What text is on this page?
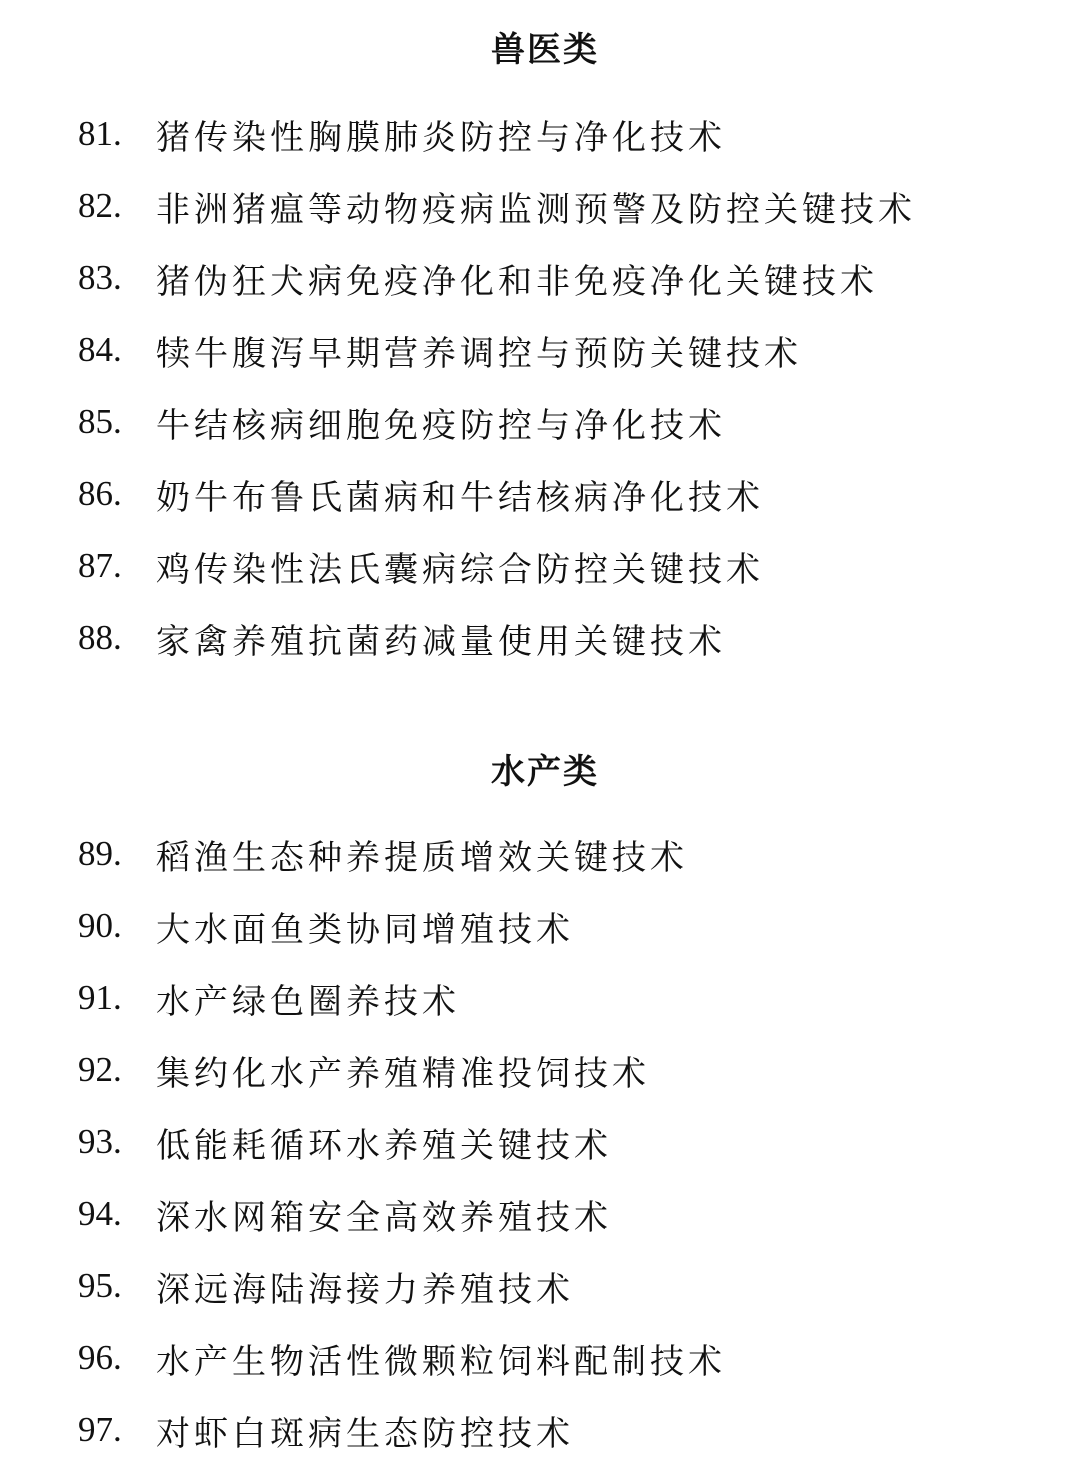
兽医类
81.	猪传染性胸膜肺炎防控与净化技术
82.	非洲猪瘟等动物疫病监测预警及防控关键技术
83.	猪伪狂犬病免疫净化和非免疫净化关键技术
84.	犊牛腹泻早期营养调控与预防关键技术
85.	牛结核病细胞免疫防控与净化技术
86.	奶牛布鲁氏菌病和牛结核病净化技术
87.	鸡传染性法氏囊病综合防控关键技术
88.	家禽养殖抗菌药减量使用关键技术
水产类
89.	稻渔生态种养提质增效关键技术
90.	大水面鱼类协同增殖技术
91.	水产绿色圈养技术
92.	集约化水产养殖精准投饲技术
93.	低能耗循环水养殖关键技术
94.	深水网箱安全高效养殖技术
95.	深远海陆海接力养殖技术
96.	水产生物活性微颗粒饲料配制技术
97.	对虾白斑病生态防控技术
